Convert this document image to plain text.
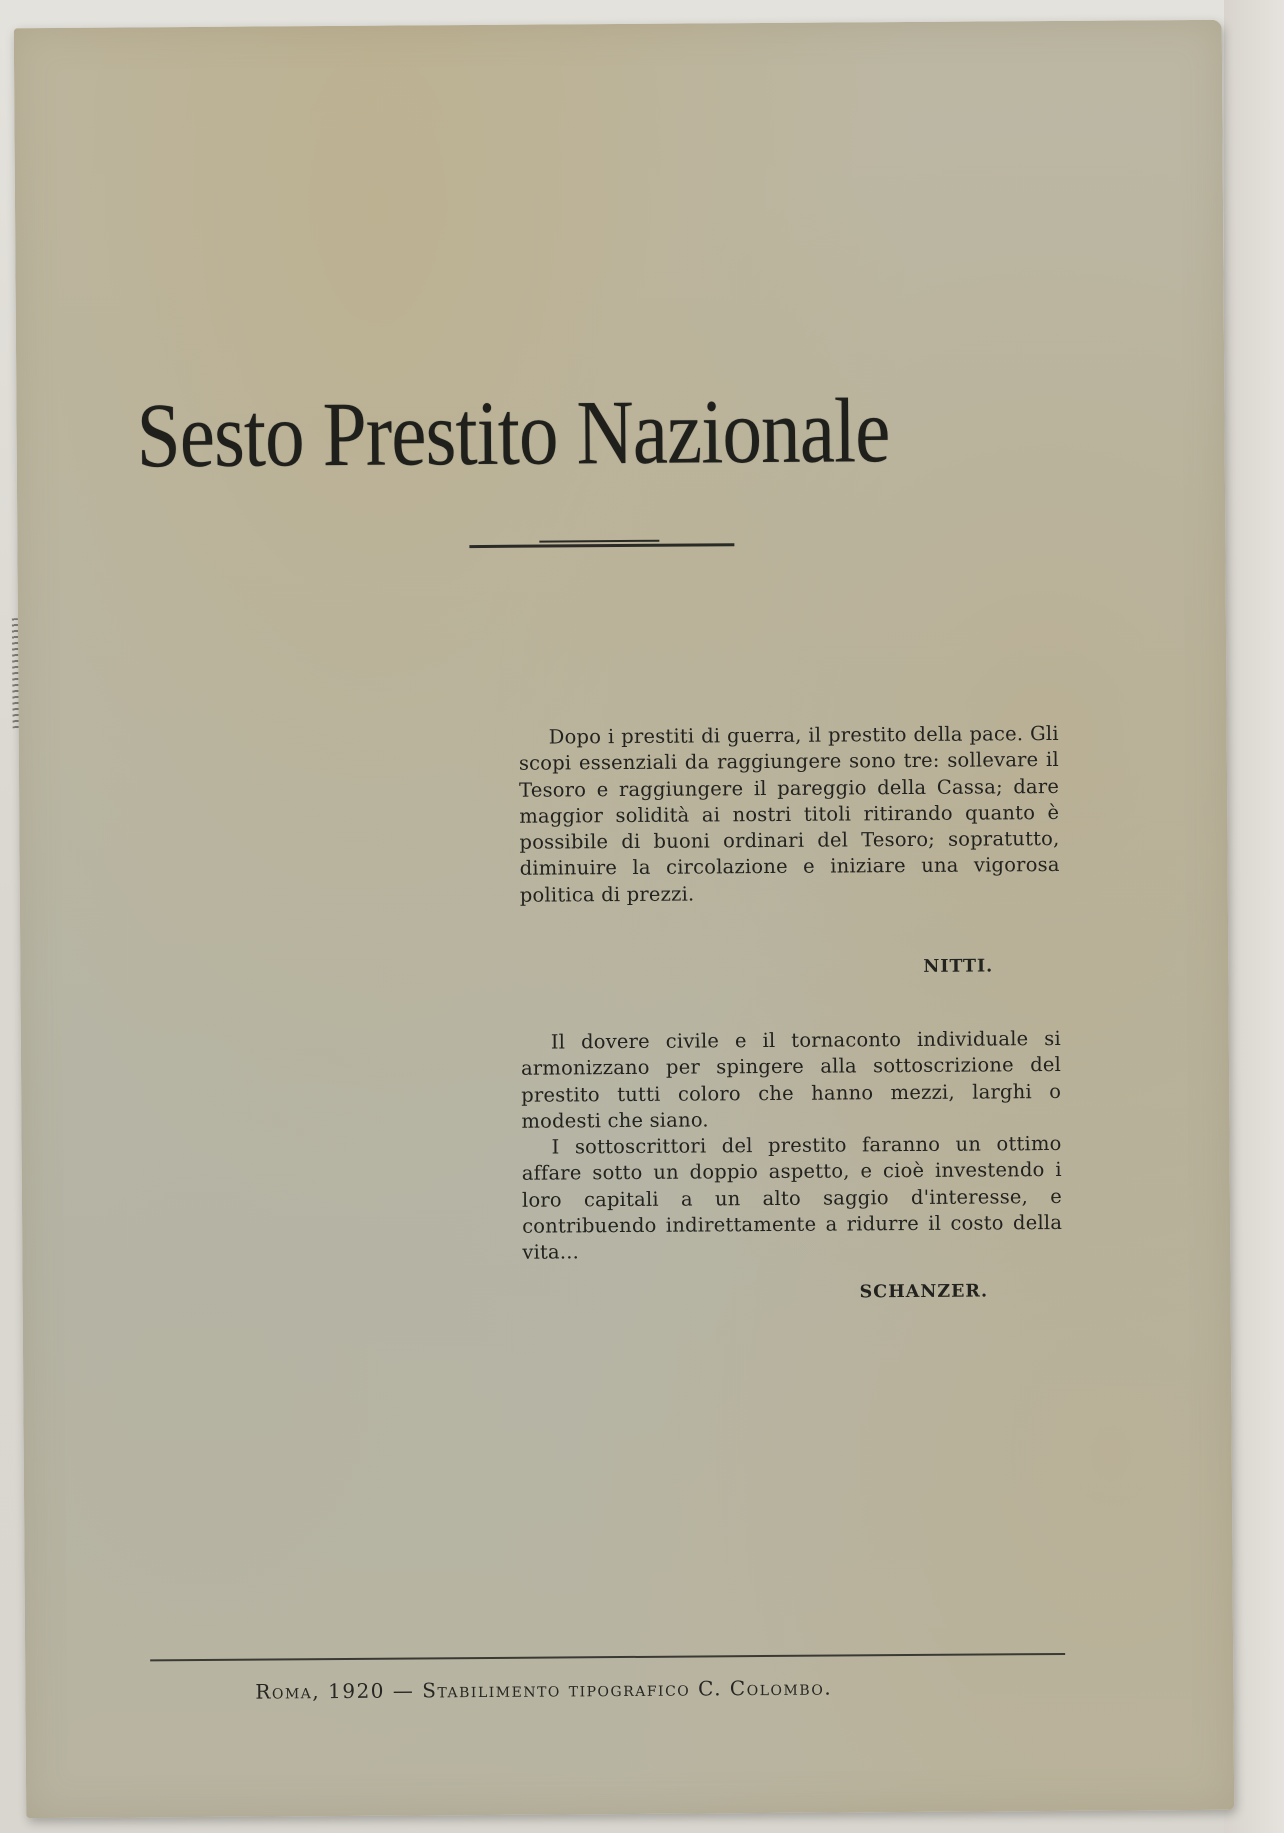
Sesto Prestito Nazionale

Dopo i prestiti di guerra, il prestito della pace. Gli scopi essenziali da raggiungere sono tre: sollevare il Tesoro e raggiungere il pareggio della Cassa; dare maggior solidità ai nostri titoli ritirando quanto è possibile di buoni ordinari del Tesoro; sopratutto, diminuire la circolazione e iniziare una vigorosa politica di prezzi.

NITTI.

Il dovere civile e il tornaconto individuale si armonizzano per spingere alla sottoscrizione del prestito tutti coloro che hanno mezzi, larghi o modesti che siano.

I sottoscrittori del prestito faranno un ottimo affare sotto un doppio aspetto, e cioè investendo i loro capitali a un alto saggio d'interesse, e contribuendo indirettamente a ridurre il costo della vita...

SCHANZER.
Roma, 1920 — Stabilimento tipografico C. Colombo.
